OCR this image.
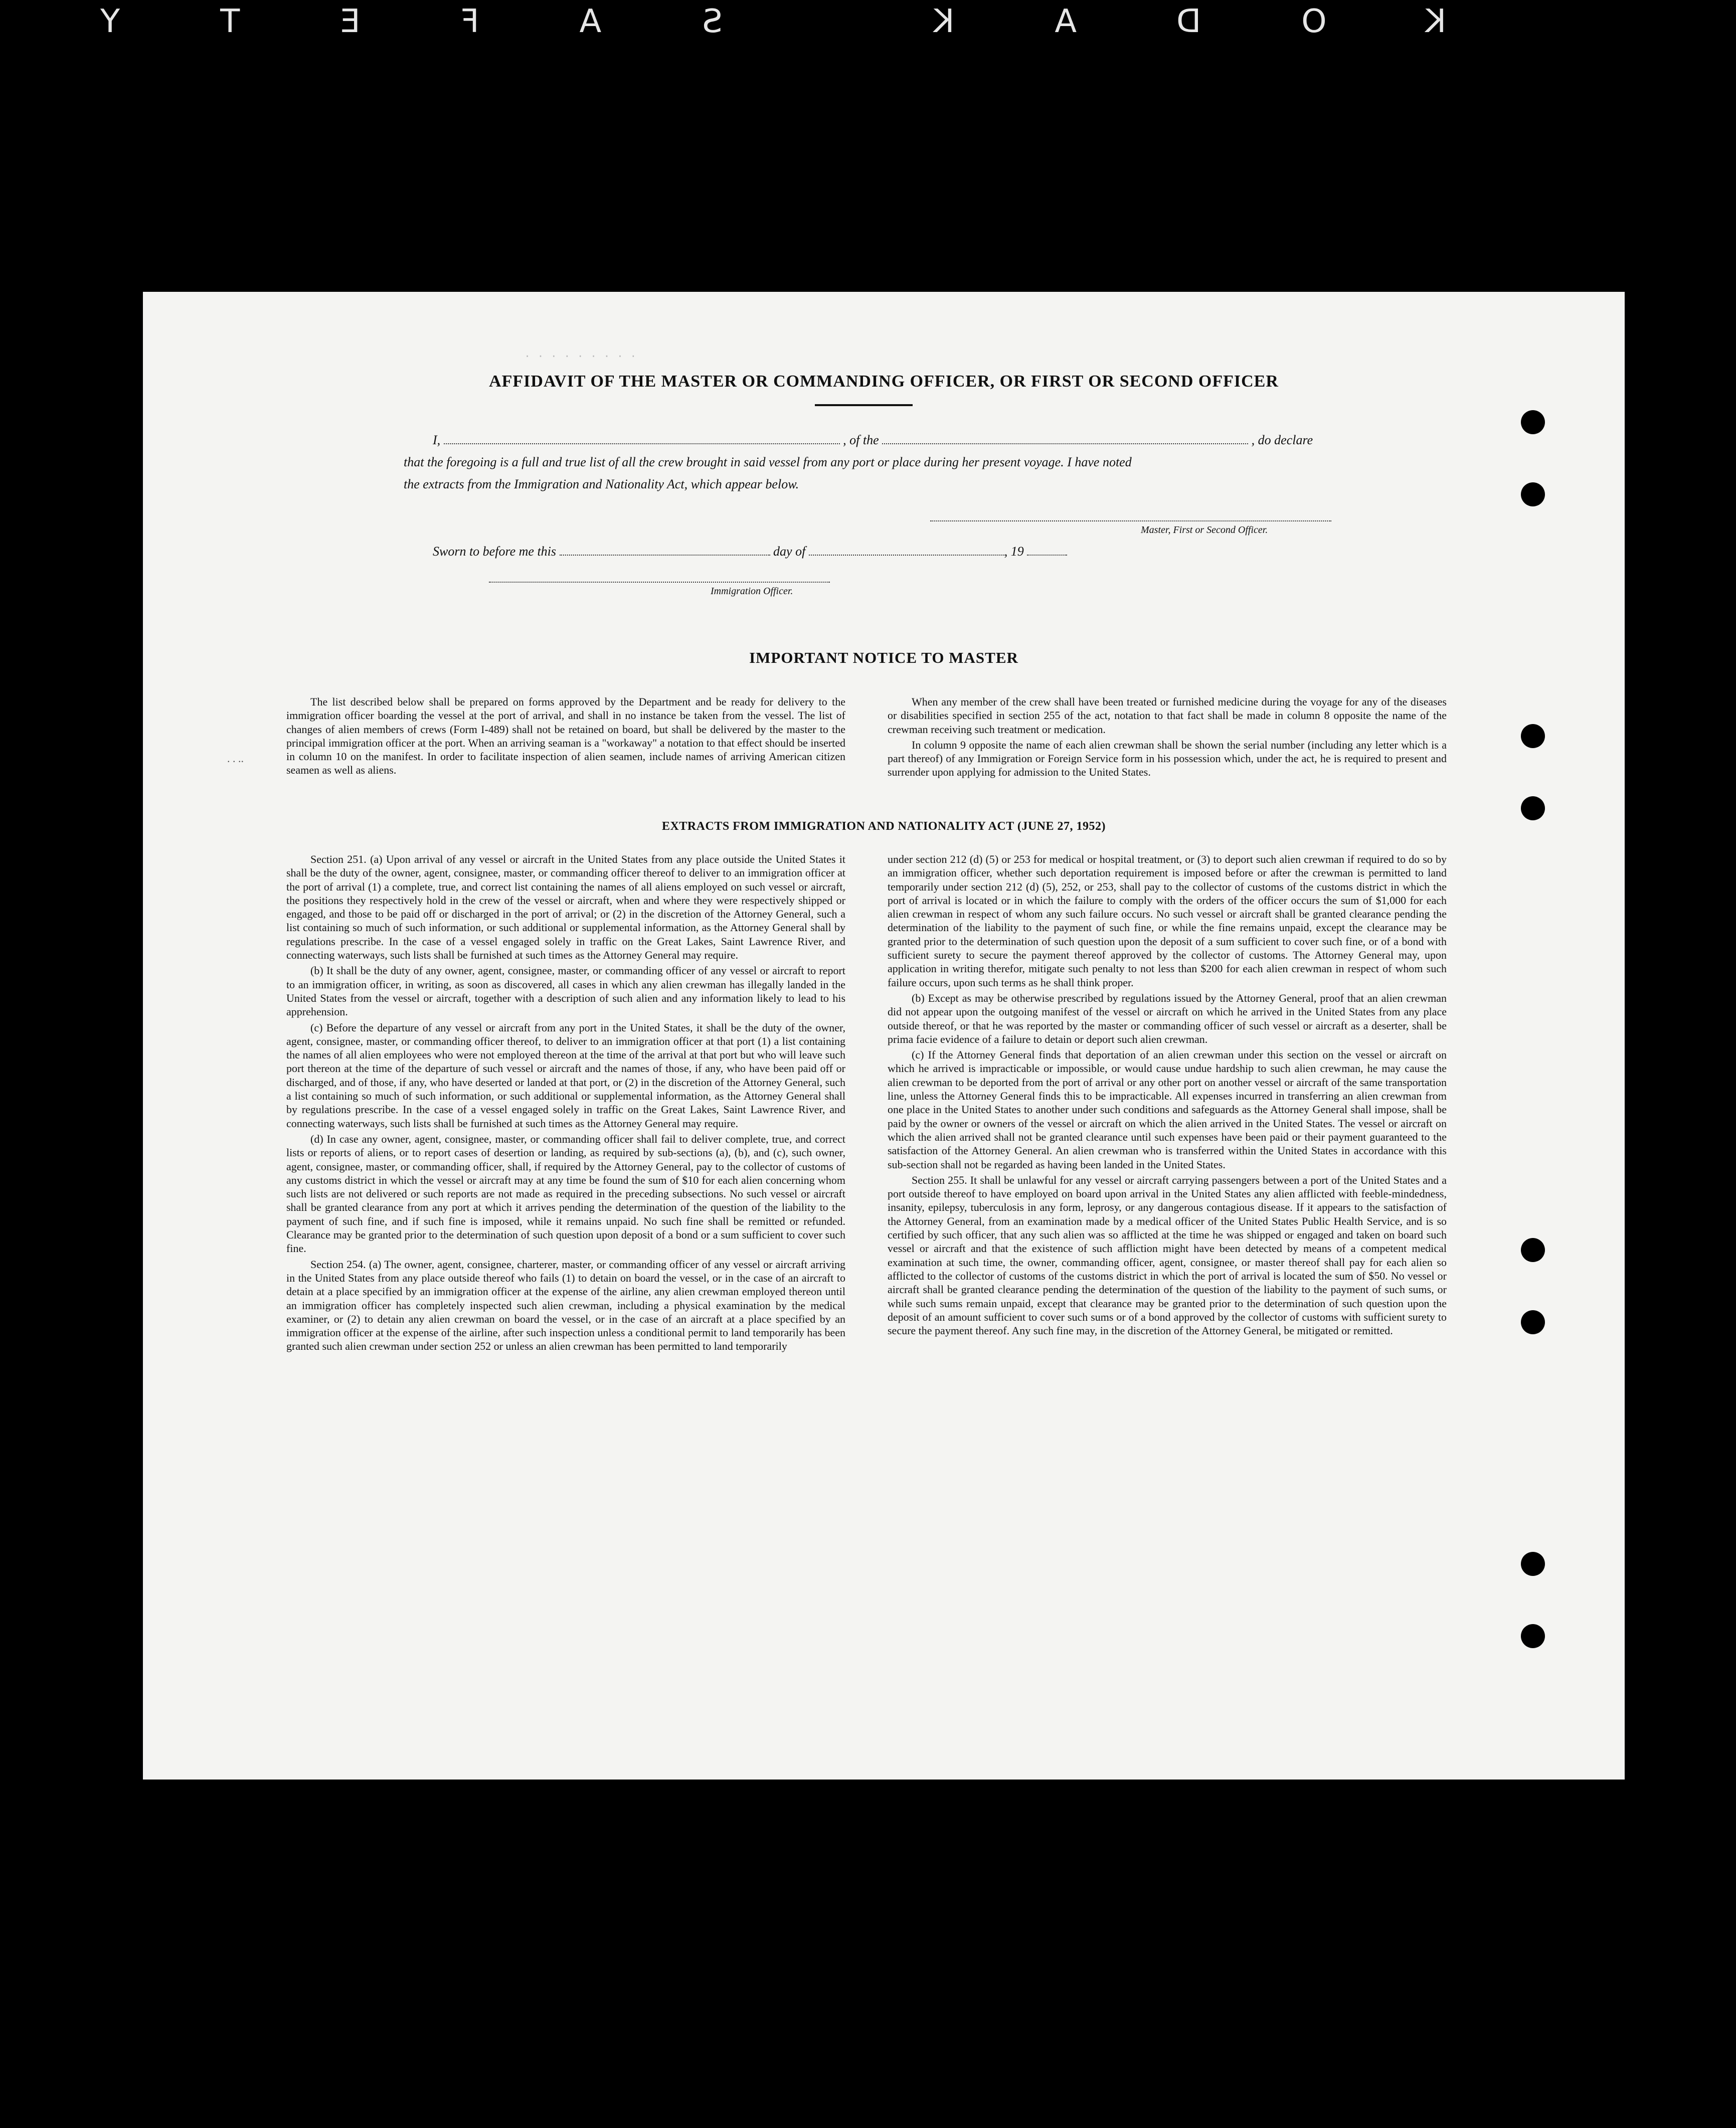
KODAK SAFETY
. . ..
. . . . . . . . .
AFFIDAVIT OF THE MASTER OR COMMANDING OFFICER, OR FIRST OR SECOND OFFICER
I,	, of the	, do declare
that the foregoing is a full and true list of all the crew brought in said vessel from any port or place during her present voyage. I have noted
the extracts from the Immigration and Nationality Act, which appear below.
Master, First or Second Officer.
Sworn to before me this	day of	, 19
Immigration Officer.
IMPORTANT NOTICE TO MASTER

The list described below shall be prepared on forms approved by the Department and be ready for delivery to the immigration officer boarding the vessel at the port of arrival, and shall in no instance be taken from the vessel. The list of changes of alien members of crews (Form I-489) shall not be retained on board, but shall be delivered by the master to the principal immigration officer at the port. When an arriving seaman is a "workaway" a notation to that effect should be inserted in column 10 on the manifest. In order to facilitate inspection of alien seamen, include names of arriving American citizen seamen as well as aliens.

When any member of the crew shall have been treated or furnished medicine during the voyage for any of the diseases or disabilities specified in section 255 of the act, notation to that fact shall be made in column 8 opposite the name of the crewman receiving such treatment or medication.

In column 9 opposite the name of each alien crewman shall be shown the serial number (including any letter which is a part thereof) of any Immigration or Foreign Service form in his possession which, under the act, he is required to present and surrender upon applying for admission to the United States.

EXTRACTS FROM IMMIGRATION AND NATIONALITY ACT (JUNE 27, 1952)

Section 251. (a) Upon arrival of any vessel or aircraft in the United States from any place outside the United States it shall be the duty of the owner, agent, consignee, master, or commanding officer thereof to deliver to an immigration officer at the port of arrival (1) a complete, true, and correct list containing the names of all aliens employed on such vessel or aircraft, the positions they respectively hold in the crew of the vessel or aircraft, when and where they were respectively shipped or engaged, and those to be paid off or discharged in the port of arrival; or (2) in the discretion of the Attorney General, such a list containing so much of such information, or such additional or supplemental information, as the Attorney General shall by regulations prescribe. In the case of a vessel engaged solely in traffic on the Great Lakes, Saint Lawrence River, and connecting waterways, such lists shall be furnished at such times as the Attorney General may require.

(b) It shall be the duty of any owner, agent, consignee, master, or commanding officer of any vessel or aircraft to report to an immigration officer, in writing, as soon as discovered, all cases in which any alien crewman has illegally landed in the United States from the vessel or aircraft, together with a description of such alien and any information likely to lead to his apprehension.

(c) Before the departure of any vessel or aircraft from any port in the United States, it shall be the duty of the owner, agent, consignee, master, or commanding officer thereof, to deliver to an immigration officer at that port (1) a list containing the names of all alien employees who were not employed thereon at the time of the arrival at that port but who will leave such port thereon at the time of the departure of such vessel or aircraft and the names of those, if any, who have been paid off or discharged, and of those, if any, who have deserted or landed at that port, or (2) in the discretion of the Attorney General, such a list containing so much of such information, or such additional or supplemental information, as the Attorney General shall by regulations prescribe. In the case of a vessel engaged solely in traffic on the Great Lakes, Saint Lawrence River, and connecting waterways, such lists shall be furnished at such times as the Attorney General may require.

(d) In case any owner, agent, consignee, master, or commanding officer shall fail to deliver complete, true, and correct lists or reports of aliens, or to report cases of desertion or landing, as required by sub-sections (a), (b), and (c), such owner, agent, consignee, master, or commanding officer, shall, if required by the Attorney General, pay to the collector of customs of any customs district in which the vessel or aircraft may at any time be found the sum of $10 for each alien concerning whom such lists are not delivered or such reports are not made as required in the preceding subsections. No such vessel or aircraft shall be granted clearance from any port at which it arrives pending the determination of the question of the liability to the payment of such fine, and if such fine is imposed, while it remains unpaid. No such fine shall be remitted or refunded. Clearance may be granted prior to the determination of such question upon deposit of a bond or a sum sufficient to cover such fine.

Section 254. (a) The owner, agent, consignee, charterer, master, or commanding officer of any vessel or aircraft arriving in the United States from any place outside thereof who fails (1) to detain on board the vessel, or in the case of an aircraft to detain at a place specified by an immigration officer at the expense of the airline, any alien crewman employed thereon until an immigration officer has completely inspected such alien crewman, including a physical examination by the medical examiner, or (2) to detain any alien crewman on board the vessel, or in the case of an aircraft at a place specified by an immigration officer at the expense of the airline, after such inspection unless a conditional permit to land temporarily has been granted such alien crewman under section 252 or unless an alien crewman has been permitted to land temporarily

under section 212 (d) (5) or 253 for medical or hospital treatment, or (3) to deport such alien crewman if required to do so by an immigration officer, whether such deportation requirement is imposed before or after the crewman is permitted to land temporarily under section 212 (d) (5), 252, or 253, shall pay to the collector of customs of the customs district in which the port of arrival is located or in which the failure to comply with the orders of the officer occurs the sum of $1,000 for each alien crewman in respect of whom any such failure occurs. No such vessel or aircraft shall be granted clearance pending the determination of the liability to the payment of such fine, or while the fine remains unpaid, except the clearance may be granted prior to the determination of such question upon the deposit of a sum sufficient to cover such fine, or of a bond with sufficient surety to secure the payment thereof approved by the collector of customs. The Attorney General may, upon application in writing therefor, mitigate such penalty to not less than $200 for each alien crewman in respect of whom such failure occurs, upon such terms as he shall think proper.

(b) Except as may be otherwise prescribed by regulations issued by the Attorney General, proof that an alien crewman did not appear upon the outgoing manifest of the vessel or aircraft on which he arrived in the United States from any place outside thereof, or that he was reported by the master or commanding officer of such vessel or aircraft as a deserter, shall be prima facie evidence of a failure to detain or deport such alien crewman.

(c) If the Attorney General finds that deportation of an alien crewman under this section on the vessel or aircraft on which he arrived is impracticable or impossible, or would cause undue hardship to such alien crewman, he may cause the alien crewman to be deported from the port of arrival or any other port on another vessel or aircraft of the same transportation line, unless the Attorney General finds this to be impracticable. All expenses incurred in transferring an alien crewman from one place in the United States to another under such conditions and safeguards as the Attorney General shall impose, shall be paid by the owner or owners of the vessel or aircraft on which the alien arrived in the United States. The vessel or aircraft on which the alien arrived shall not be granted clearance until such expenses have been paid or their payment guaranteed to the satisfaction of the Attorney General. An alien crewman who is transferred within the United States in accordance with this sub-section shall not be regarded as having been landed in the United States.

Section 255. It shall be unlawful for any vessel or aircraft carrying passengers between a port of the United States and a port outside thereof to have employed on board upon arrival in the United States any alien afflicted with feeble-mindedness, insanity, epilepsy, tuberculosis in any form, leprosy, or any dangerous contagious disease. If it appears to the satisfaction of the Attorney General, from an examination made by a medical officer of the United States Public Health Service, and is so certified by such officer, that any such alien was so afflicted at the time he was shipped or engaged and taken on board such vessel or aircraft and that the existence of such affliction might have been detected by means of a competent medical examination at such time, the owner, commanding officer, agent, consignee, or master thereof shall pay for each alien so afflicted to the collector of customs of the customs district in which the port of arrival is located the sum of $50. No vessel or aircraft shall be granted clearance pending the determination of the question of the liability to the payment of such sums, or while such sums remain unpaid, except that clearance may be granted prior to the determination of such question upon the deposit of an amount sufficient to cover such sums or of a bond approved by the collector of customs with sufficient surety to secure the payment thereof. Any such fine may, in the discretion of the Attorney General, be mitigated or remitted.
